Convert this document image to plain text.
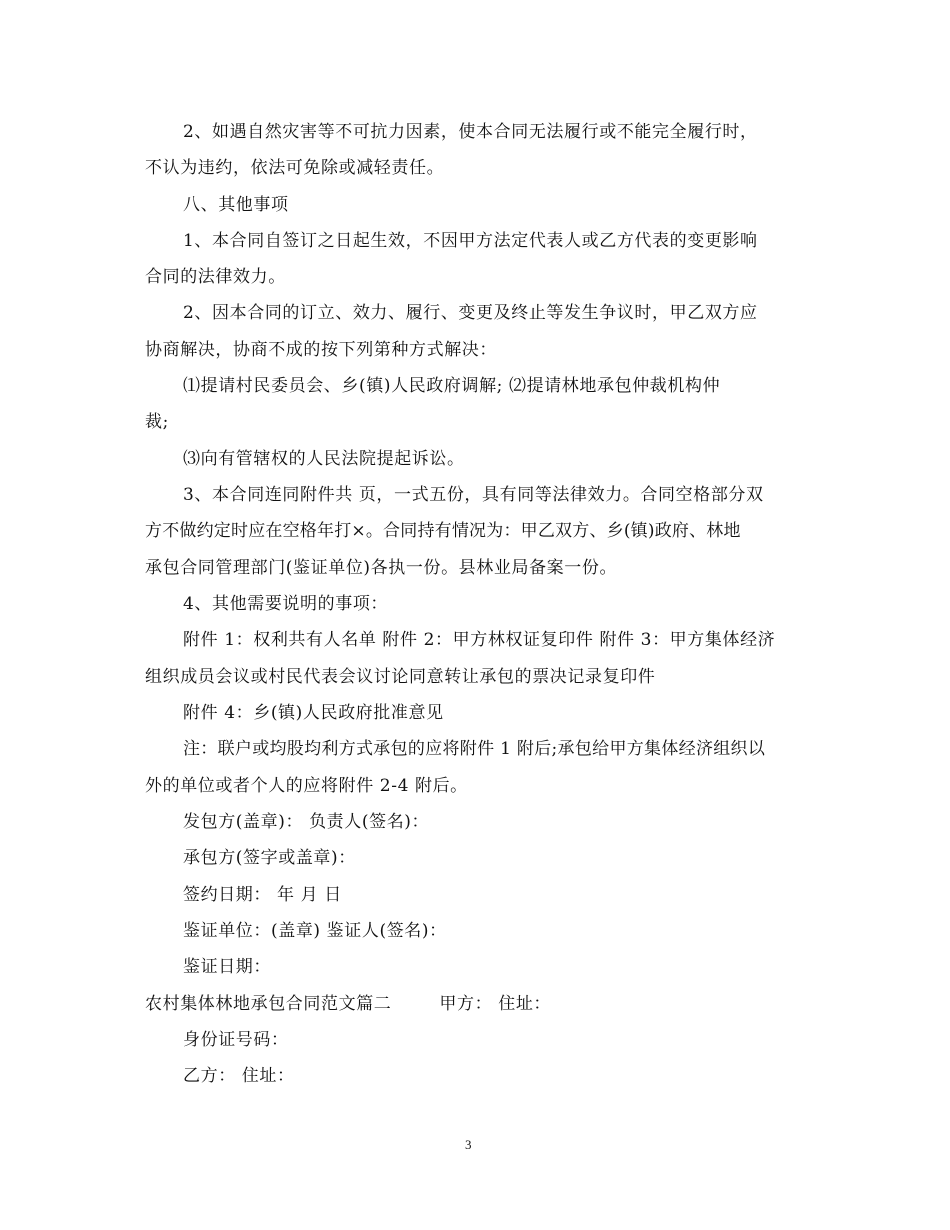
2、如遇自然灾害等不可抗力因素，使本合同无法履行或不能完全履行时，
不认为违约，依法可免除或减轻责任。
八、其他事项
1、本合同自签订之日起生效，不因甲方法定代表人或乙方代表的变更影响
合同的法律效力。
2、因本合同的订立、效力、履行、变更及终止等发生争议时，甲乙双方应
协商解决，协商不成的按下列第种方式解决：
⑴提请村民委员会、乡(镇)人民政府调解; ⑵提请林地承包仲裁机构仲
裁;
⑶向有管辖权的人民法院提起诉讼。
3、本合同连同附件共 页，一式五份，具有同等法律效力。合同空格部分双
方不做约定时应在空格年打×。合同持有情况为：甲乙双方、乡(镇)政府、林地
承包合同管理部门(鉴证单位)各执一份。县林业局备案一份。
4、其他需要说明的事项：
附件 1：权利共有人名单 附件 2：甲方林权证复印件 附件 3：甲方集体经济
组织成员会议或村民代表会议讨论同意转让承包的票决记录复印件
附件 4：乡(镇)人民政府批准意见
注：联户或均股均利方式承包的应将附件 1 附后;承包给甲方集体经济组织以
外的单位或者个人的应将附件 2-4 附后。
发包方(盖章)： 负责人(签名)：
承包方(签字或盖章)：
签约日期： 年 月 日
鉴证单位：(盖章) 鉴证人(签名)：
鉴证日期：
农村集体林地承包合同范文篇二        甲方： 住址：
身份证号码：
乙方： 住址：
3
